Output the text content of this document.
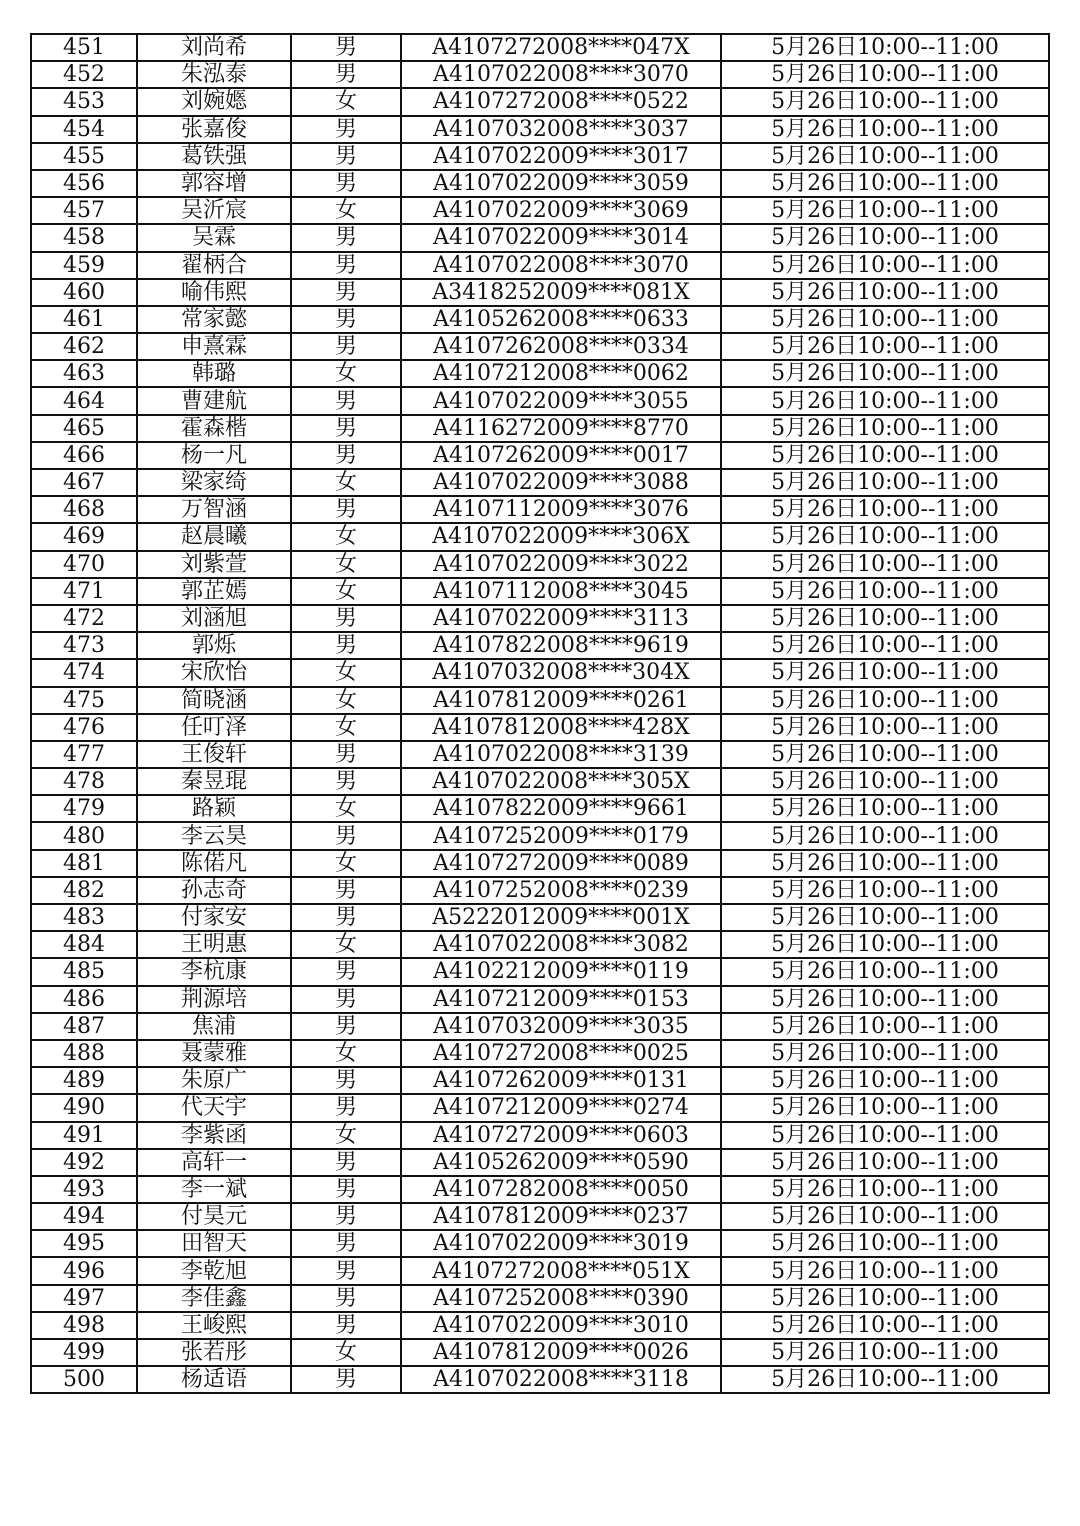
451	刘尚希	男	A4107272008****047X	5月26日10:00--11:00
452	朱泓泰	男	A4107022008****3070	5月26日10:00--11:00
453	刘婉嫕	女	A4107272008****0522	5月26日10:00--11:00
454	张嘉俊	男	A4107032008****3037	5月26日10:00--11:00
455	葛铁强	男	A4107022009****3017	5月26日10:00--11:00
456	郭容增	男	A4107022009****3059	5月26日10:00--11:00
457	吴沂宸	女	A4107022009****3069	5月26日10:00--11:00
458	吴霖	男	A4107022009****3014	5月26日10:00--11:00
459	翟柄合	男	A4107022008****3070	5月26日10:00--11:00
460	喻伟熙	男	A3418252009****081X	5月26日10:00--11:00
461	常家懿	男	A4105262008****0633	5月26日10:00--11:00
462	申熹霖	男	A4107262008****0334	5月26日10:00--11:00
463	韩璐	女	A4107212008****0062	5月26日10:00--11:00
464	曹建航	男	A4107022009****3055	5月26日10:00--11:00
465	霍森楷	男	A4116272009****8770	5月26日10:00--11:00
466	杨一凡	男	A4107262009****0017	5月26日10:00--11:00
467	梁家绮	女	A4107022009****3088	5月26日10:00--11:00
468	万智涵	男	A4107112009****3076	5月26日10:00--11:00
469	赵晨曦	女	A4107022009****306X	5月26日10:00--11:00
470	刘紫萱	女	A4107022009****3022	5月26日10:00--11:00
471	郭芷嫣	女	A4107112008****3045	5月26日10:00--11:00
472	刘涵旭	男	A4107022009****3113	5月26日10:00--11:00
473	郭烁	男	A4107822008****9619	5月26日10:00--11:00
474	宋欣怡	女	A4107032008****304X	5月26日10:00--11:00
475	简晓涵	女	A4107812009****0261	5月26日10:00--11:00
476	任叮泽	女	A4107812008****428X	5月26日10:00--11:00
477	王俊轩	男	A4107022008****3139	5月26日10:00--11:00
478	秦昱琨	男	A4107022008****305X	5月26日10:00--11:00
479	路颖	女	A4107822009****9661	5月26日10:00--11:00
480	李云昊	男	A4107252009****0179	5月26日10:00--11:00
481	陈偌凡	女	A4107272009****0089	5月26日10:00--11:00
482	孙志奇	男	A4107252008****0239	5月26日10:00--11:00
483	付家安	男	A5222012009****001X	5月26日10:00--11:00
484	王明惠	女	A4107022008****3082	5月26日10:00--11:00
485	李杭康	男	A4102212009****0119	5月26日10:00--11:00
486	荆源培	男	A4107212009****0153	5月26日10:00--11:00
487	焦浦	男	A4107032009****3035	5月26日10:00--11:00
488	聂蒙雅	女	A4107272008****0025	5月26日10:00--11:00
489	朱原广	男	A4107262009****0131	5月26日10:00--11:00
490	代天宇	男	A4107212009****0274	5月26日10:00--11:00
491	李紫函	女	A4107272009****0603	5月26日10:00--11:00
492	高轩一	男	A4105262009****0590	5月26日10:00--11:00
493	李一斌	男	A4107282008****0050	5月26日10:00--11:00
494	付昊元	男	A4107812009****0237	5月26日10:00--11:00
495	田智天	男	A4107022009****3019	5月26日10:00--11:00
496	李乾旭	男	A4107272008****051X	5月26日10:00--11:00
497	李佳鑫	男	A4107252008****0390	5月26日10:00--11:00
498	王峻熙	男	A4107022009****3010	5月26日10:00--11:00
499	张若彤	女	A4107812009****0026	5月26日10:00--11:00
500	杨适语	男	A4107022008****3118	5月26日10:00--11:00
